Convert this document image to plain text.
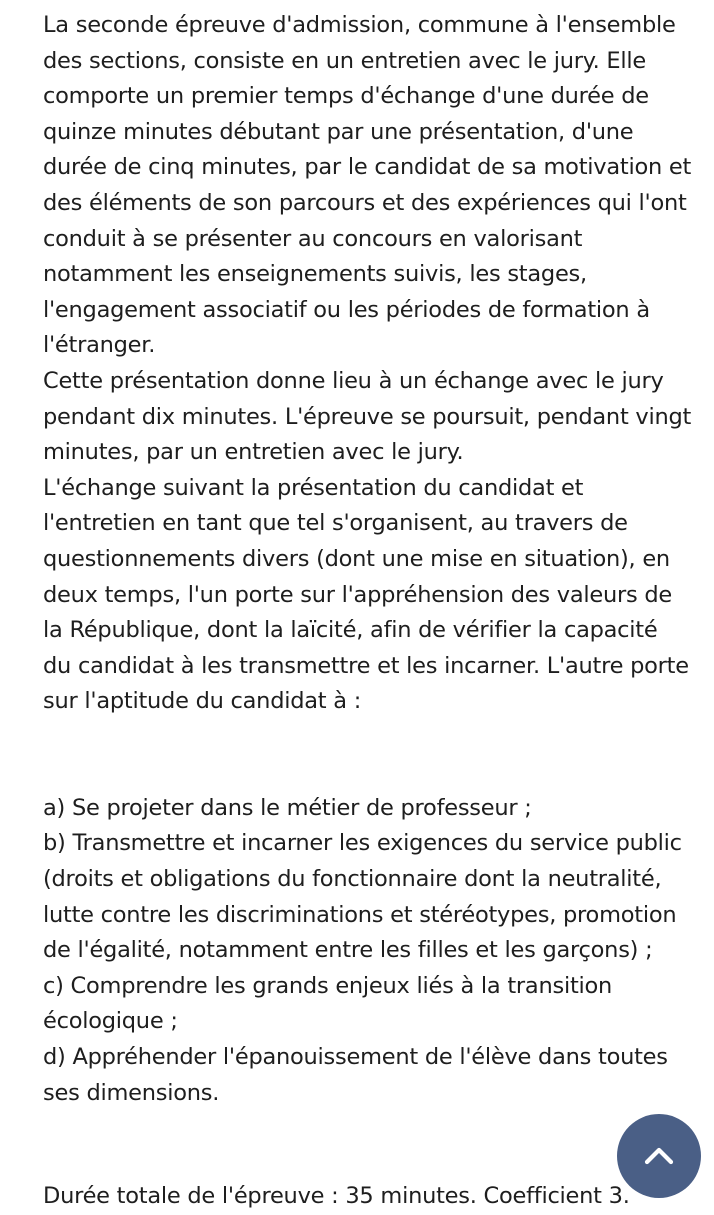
La seconde épreuve d'admission, commune à l'ensemble
des sections, consiste en un entretien avec le jury. Elle
comporte un premier temps d'échange d'une durée de
quinze minutes débutant par une présentation, d'une
durée de cinq minutes, par le candidat de sa motivation et
des éléments de son parcours et des expériences qui l'ont
conduit à se présenter au concours en valorisant
notamment les enseignements suivis, les stages,
l'engagement associatif ou les périodes de formation à
l'étranger.
Cette présentation donne lieu à un échange avec le jury
pendant dix minutes. L'épreuve se poursuit, pendant vingt
minutes, par un entretien avec le jury.
L'échange suivant la présentation du candidat et
l'entretien en tant que tel s'organisent, au travers de
questionnements divers (dont une mise en situation), en
deux temps, l'un porte sur l'appréhension des valeurs de
la République, dont la laïcité, afin de vérifier la capacité
du candidat à les transmettre et les incarner. L'autre porte
sur l'aptitude du candidat à :
a) Se projeter dans le métier de professeur ;
b) Transmettre et incarner les exigences du service public
(droits et obligations du fonctionnaire dont la neutralité,
lutte contre les discriminations et stéréotypes, promotion
de l'égalité, notamment entre les filles et les garçons) ;
c) Comprendre les grands enjeux liés à la transition
écologique ;
d) Appréhender l'épanouissement de l'élève dans toutes
ses dimensions.
Durée totale de l'épreuve : 35 minutes. Coefficient 3.
